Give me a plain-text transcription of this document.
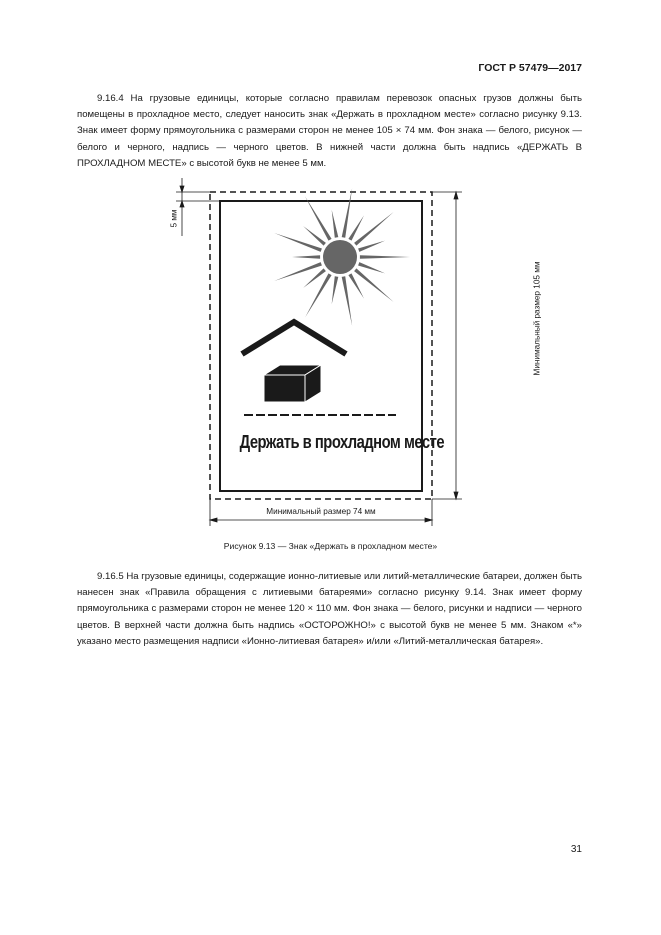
ГОСТ Р 57479—2017

9.16.4 На грузовые единицы, которые согласно правилам перевозок опасных грузов должны быть помещены в прохладное место, следует наносить знак «Держать в прохладном месте» согласно рисунку 9.13. Знак имеет форму прямоугольника с размерами сторон не менее 105 × 74 мм. Фон знака — белого, рисунок — белого и черного, надпись — черного цветов. В нижней части должна быть надпись «ДЕРЖАТЬ В ПРОХЛАДНОМ МЕСТЕ» с высотой букв не менее 5 мм.

Держать в прохладном месте
Минимальный размер 74 мм
Минимальный размер 105 мм
5 мм
Рисунок 9.13 — Знак «Держать в прохладном месте»

9.16.5 На грузовые единицы, содержащие ионно-литиевые или литий-металлические батареи, должен быть нанесен знак «Правила обращения с литиевыми батареями» согласно рисунку 9.14. Знак имеет форму прямоугольника с размерами сторон не менее 120 × 110 мм. Фон знака — белого, рисунки и надписи — черного цветов. В верхней части должна быть надпись «ОСТОРОЖНО!» с высотой букв не менее 5 мм. Знаком «*» указано место размещения надписи «Ионно-литиевая батарея» и/или «Литий-металлическая батарея».

31
